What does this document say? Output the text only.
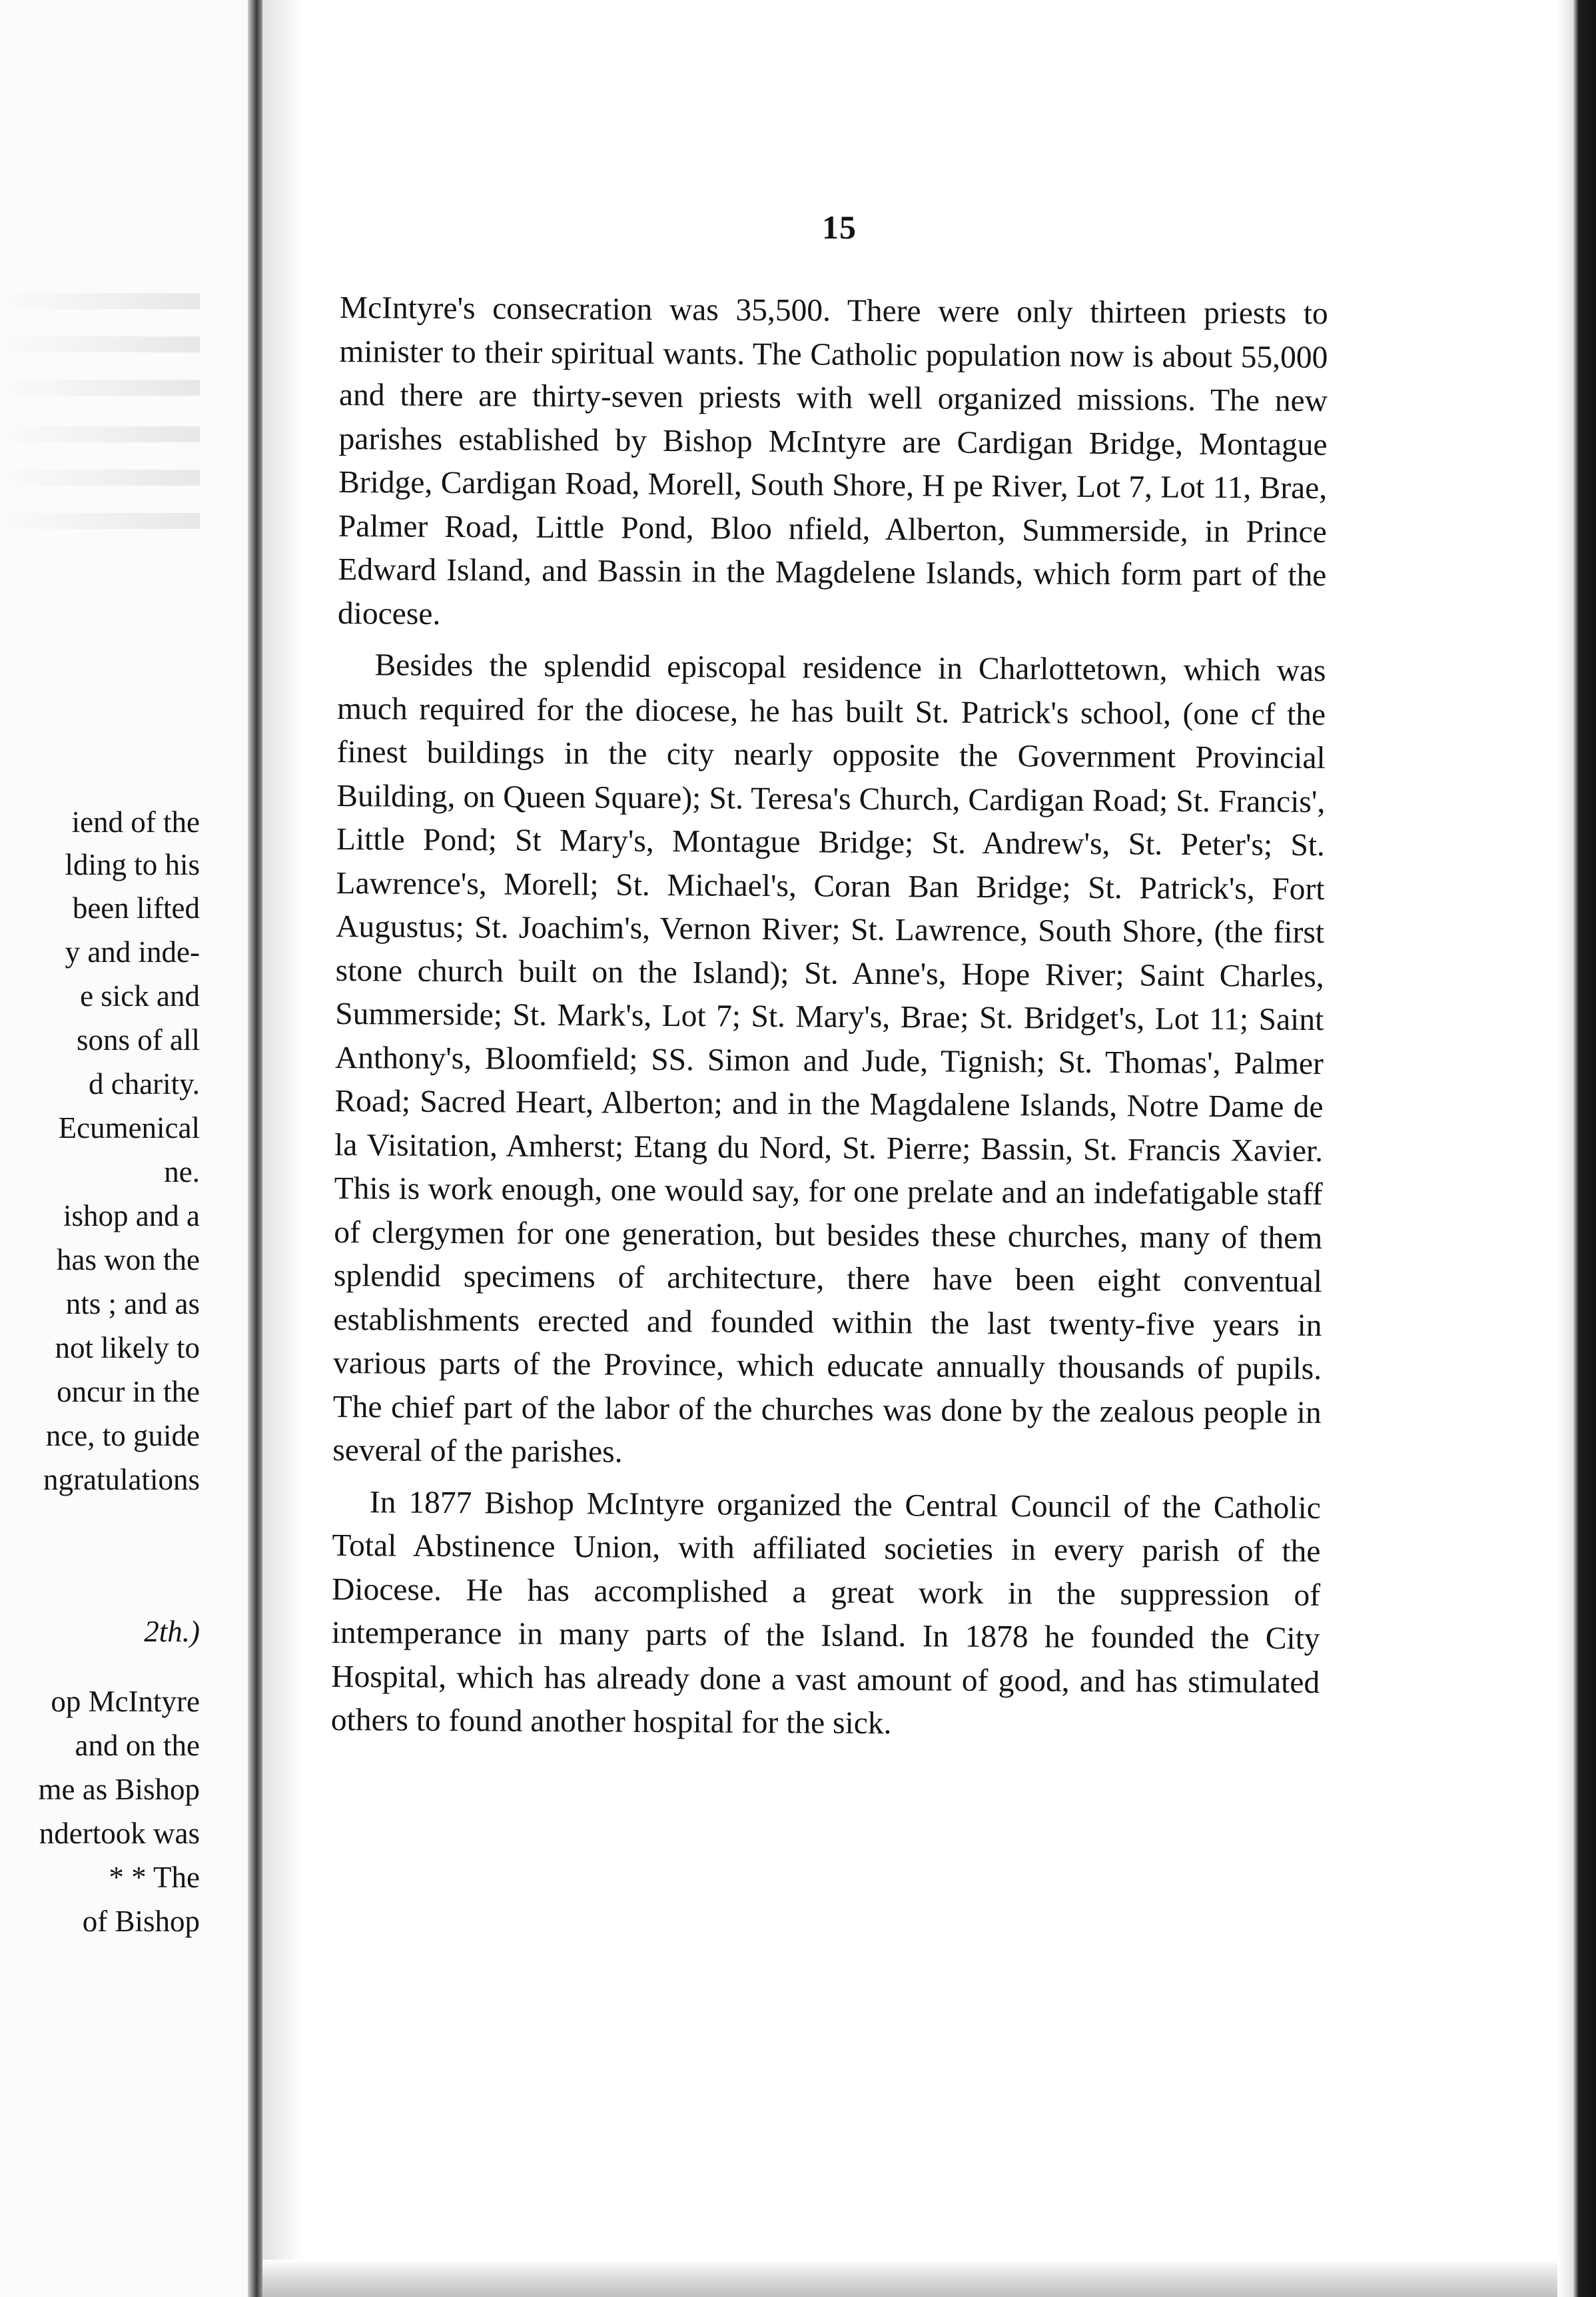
iend of the
lding to his
been lifted
y and inde-
e sick and
sons of all
d charity.
Ecumenical
ne.
ishop and a
has won the
nts ; and as
not likely to
oncur in the
nce, to guide
ngratulations
2th.)
op McIntyre
and on the
me as Bishop
ndertook was
* * The
of Bishop
15

McIntyre's consecration was 35,500. There were only thirteen priests to minister to their spiritual wants. The Catholic population now is about 55,000 and there are thirty-seven priests with well organized missions. The new parishes established by Bishop McIntyre are Cardigan Bridge, Montague Bridge, Cardigan Road, Morell, South Shore, H pe River, Lot 7, Lot 11, Brae, Palmer Road, Little Pond, Bloo nfield, Alberton, Summerside, in Prince Edward Island, and Bassin in the Magdelene Islands, which form part of the diocese.

Besides the splendid episcopal residence in Charlottetown, which was much required for the diocese, he has built St. Patrick's school, (one cf the finest buildings in the city nearly opposite the Government Provincial Building, on Queen Square); St. Teresa's Church, Cardigan Road; St. Francis', Little Pond; St Mary's, Montague Bridge; St. Andrew's, St. Peter's; St. Lawrence's, Morell; St. Michael's, Coran Ban Bridge; St. Patrick's, Fort Augustus; St. Joachim's, Vernon River; St. Lawrence, South Shore, (the first stone church built on the Island); St. Anne's, Hope River; Saint Charles, Summerside; St. Mark's, Lot 7; St. Mary's, Brae; St. Bridget's, Lot 11; Saint Anthony's, Bloomfield; SS. Simon and Jude, Tignish; St. Thomas', Palmer Road; Sacred Heart, Alberton; and in the Magdalene Islands, Notre Dame de la Visitation, Amherst; Etang du Nord, St. Pierre; Bassin, St. Francis Xavier. This is work enough, one would say, for one prelate and an indefatigable staff of clergymen for one generation, but besides these churches, many of them splendid specimens of architecture, there have been eight conventual establishments erected and founded within the last twenty-five years in various parts of the Province, which educate annually thousands of pupils. The chief part of the labor of the churches was done by the zealous people in several of the parishes.

In 1877 Bishop McIntyre organized the Central Council of the Catholic Total Abstinence Union, with affiliated societies in every parish of the Diocese. He has accomplished a great work in the suppression of intemperance in many parts of the Island. In 1878 he founded the City Hospital, which has already done a vast amount of good, and has stimulated others to found another hospital for the sick.
